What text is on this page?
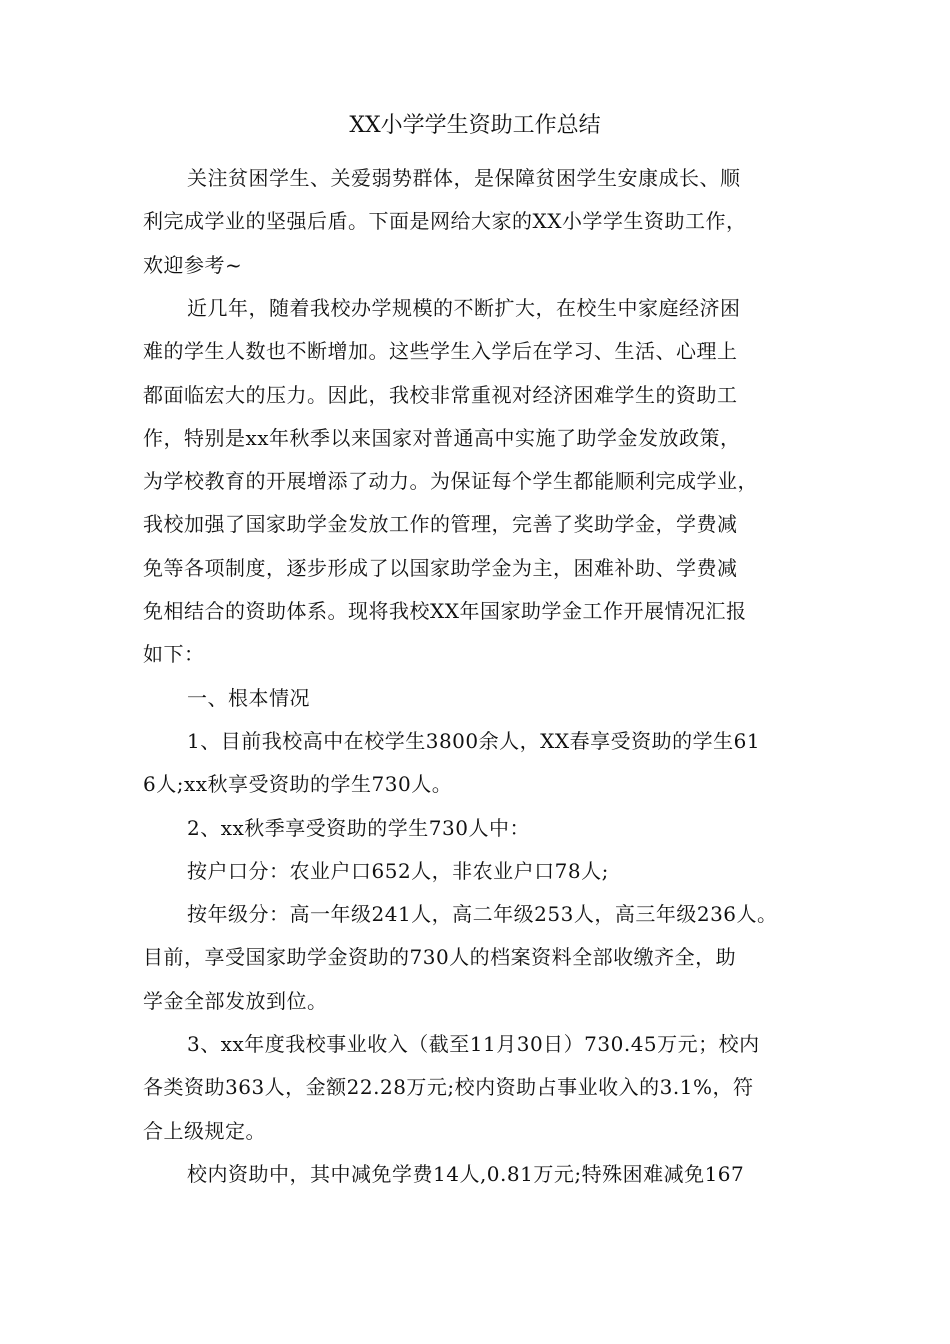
XX小学学生资助工作总结
关注贫困学生、关爱弱势群体，是保障贫困学生安康成长、顺
利完成学业的坚强后盾。下面是网给大家的XX小学学生资助工作，
欢迎参考~
近几年，随着我校办学规模的不断扩大，在校生中家庭经济困
难的学生人数也不断增加。这些学生入学后在学习、生活、心理上
都面临宏大的压力。因此，我校非常重视对经济困难学生的资助工
作，特别是xx年秋季以来国家对普通高中实施了助学金发放政策，
为学校教育的开展增添了动力。为保证每个学生都能顺利完成学业，
我校加强了国家助学金发放工作的管理，完善了奖助学金，学费减
免等各项制度，逐步形成了以国家助学金为主，困难补助、学费减
免相结合的资助体系。现将我校XX年国家助学金工作开展情况汇报
如下：
一、根本情况
1、目前我校高中在校学生3800余人，XX春享受资助的学生61
6人;xx秋享受资助的学生730人。
2、xx秋季享受资助的学生730人中：
按户口分：农业户口652人，非农业户口78人;
按年级分：高一年级241人，高二年级253人，高三年级236人。
目前，享受国家助学金资助的730人的档案资料全部收缴齐全，助
学金全部发放到位。
3、xx年度我校事业收入（截至11月30日）730.45万元；校内
各类资助363人，金额22.28万元;校内资助占事业收入的3.1%，符
合上级规定。
校内资助中，其中减免学费14人,0.81万元;特殊困难减免167
